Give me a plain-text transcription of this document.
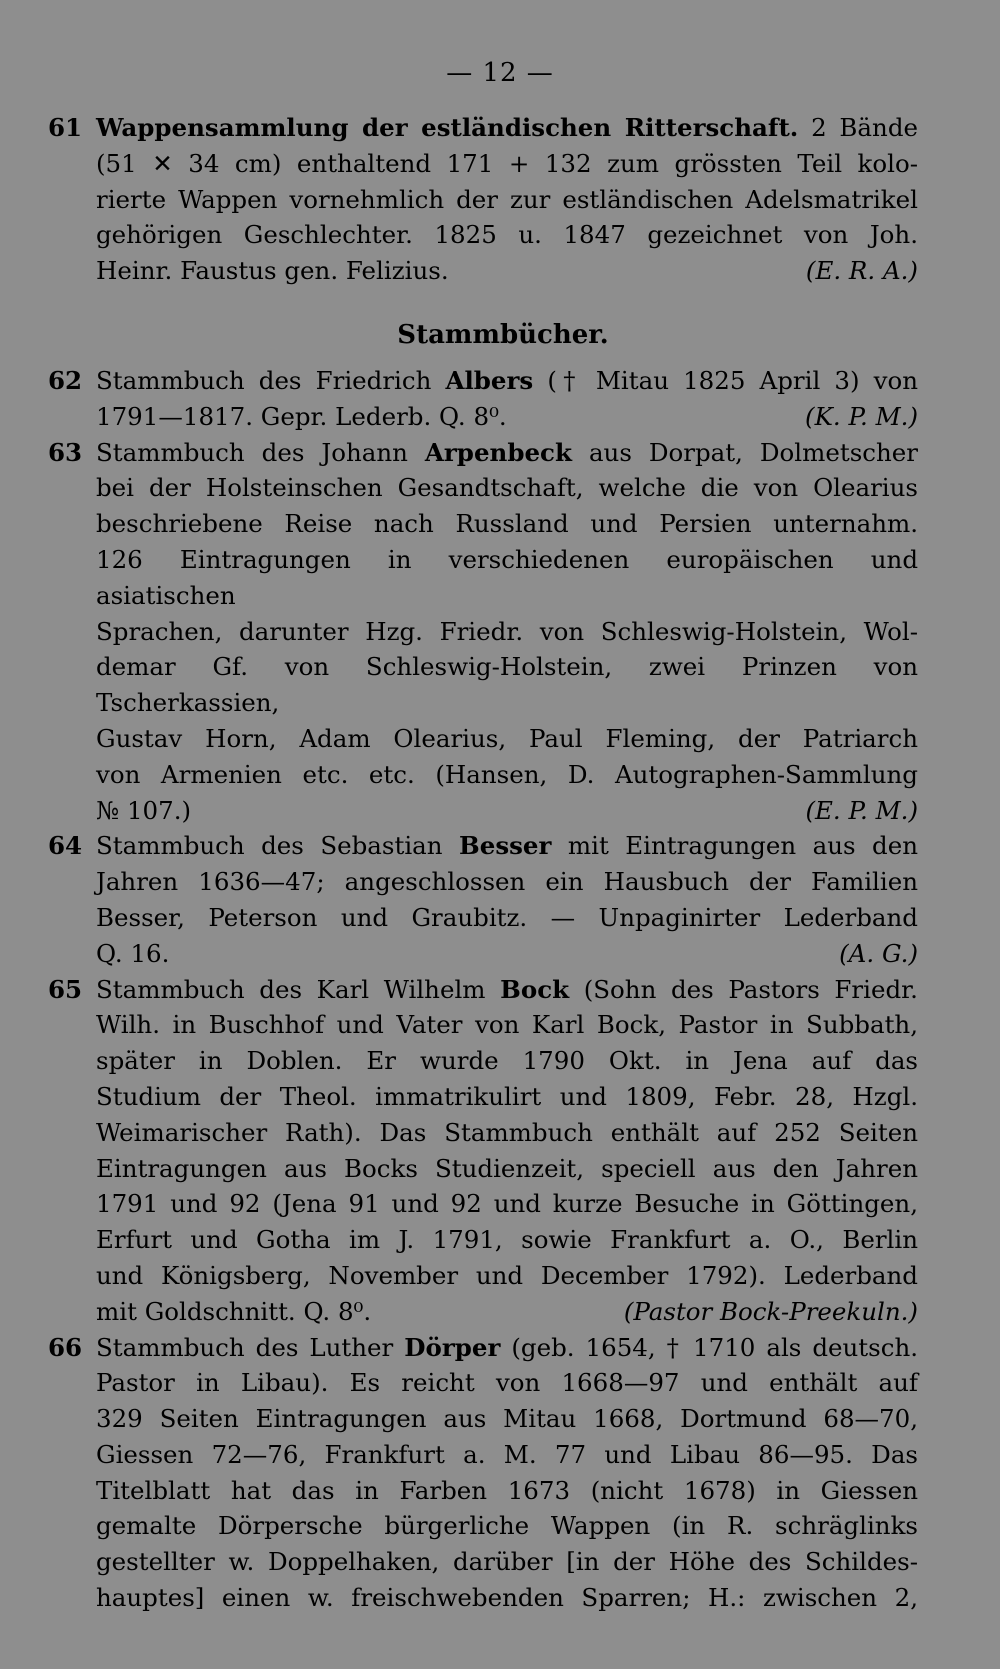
— 12 —
61 Wappensammlung der estländischen Ritterschaft. 2 Bände

(51 ✕ 34 cm) enthaltend 171 + 132 zum grössten Teil kolo-

rierte Wappen vornehmlich der zur estländischen Adelsmatrikel

gehörigen Geschlechter. 1825 u. 1847 gezeichnet von Joh.

Heinr. Faustus gen. Felizius.	(E. R. A.)

Stammbücher.
62 Stammbuch des Friedrich Albers († Mitau 1825 April 3) von

1791—1817. Gepr. Lederb. Q. 8⁰.	(K. P. M.)

63 Stammbuch des Johann Arpenbeck aus Dorpat, Dolmetscher

bei der Holsteinschen Gesandtschaft, welche die von Olearius

beschriebene Reise nach Russland und Persien unternahm.

126 Eintragungen in verschiedenen europäischen und asiatischen

Sprachen, darunter Hzg. Friedr. von Schleswig-Holstein, Wol-

demar Gf. von Schleswig-Holstein, zwei Prinzen von Tscherkassien,

Gustav Horn, Adam Olearius, Paul Fleming, der Patriarch

von Armenien etc. etc. (Hansen, D. Autographen-Sammlung

№ 107.)	(E. P. M.)

64 Stammbuch des Sebastian Besser mit Eintragungen aus den

Jahren 1636—47; angeschlossen ein Hausbuch der Familien

Besser, Peterson und Graubitz. — Unpaginirter Lederband

Q. 16.	(A. G.)

65 Stammbuch des Karl Wilhelm Bock (Sohn des Pastors Friedr.

Wilh. in Buschhof und Vater von Karl Bock, Pastor in Subbath,

später in Doblen. Er wurde 1790 Okt. in Jena auf das

Studium der Theol. immatrikulirt und 1809, Febr. 28, Hzgl.

Weimarischer Rath). Das Stammbuch enthält auf 252 Seiten

Eintragungen aus Bocks Studienzeit, speciell aus den Jahren

1791 und 92 (Jena 91 und 92 und kurze Besuche in Göttingen,

Erfurt und Gotha im J. 1791, sowie Frankfurt a. O., Berlin

und Königsberg, November und December 1792). Lederband

mit Goldschnitt. Q. 8⁰.	(Pastor Bock-Preekuln.)

66 Stammbuch des Luther Dörper (geb. 1654, † 1710 als deutsch.

Pastor in Libau). Es reicht von 1668—97 und enthält auf

329 Seiten Eintragungen aus Mitau 1668, Dortmund 68—70,

Giessen 72—76, Frankfurt a. M. 77 und Libau 86—95. Das

Titelblatt hat das in Farben 1673 (nicht 1678) in Giessen

gemalte Dörpersche bürgerliche Wappen (in R. schräglinks

gestellter w. Doppelhaken, darüber [in der Höhe des Schildes-

hauptes] einen w. freischwebenden Sparren; H.: zwischen 2,
